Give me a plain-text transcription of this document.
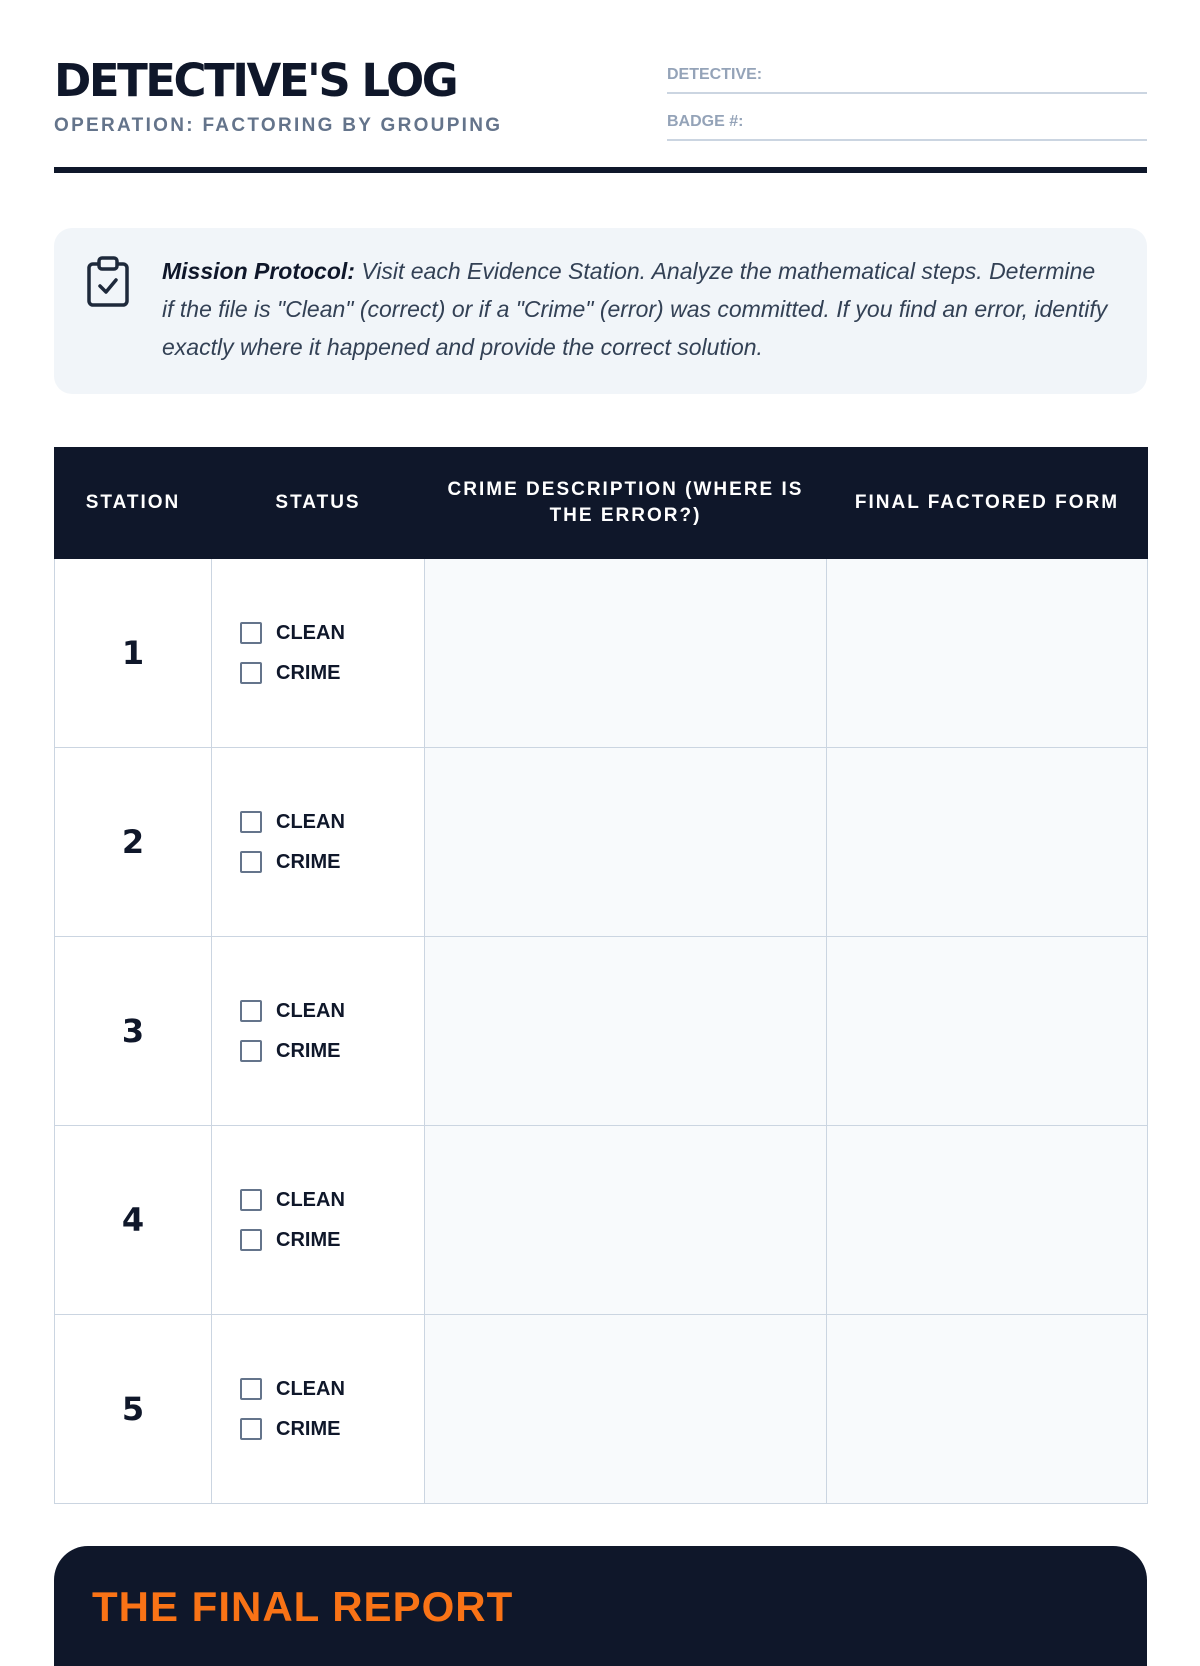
DETECTIVE'S LOG
OPERATION: FACTORING BY GROUPING
DETECTIVE:
BADGE #:
Mission Protocol: Visit each Evidence Station. Analyze the mathematical steps. Determine if the file is "Clean" (correct) or if a "Crime" (error) was committed. If you find an error, identify exactly where it happened and provide the correct solution.
STATION	STATUS	CRIME DESCRIPTION (WHERE IS THE ERROR?)	FINAL FACTORED FORM
1	CLEAN
CRIME		

2	CLEAN
CRIME		

3	CLEAN
CRIME		

4	CLEAN
CRIME		

5	CLEAN
CRIME		

THE FINAL REPORT
